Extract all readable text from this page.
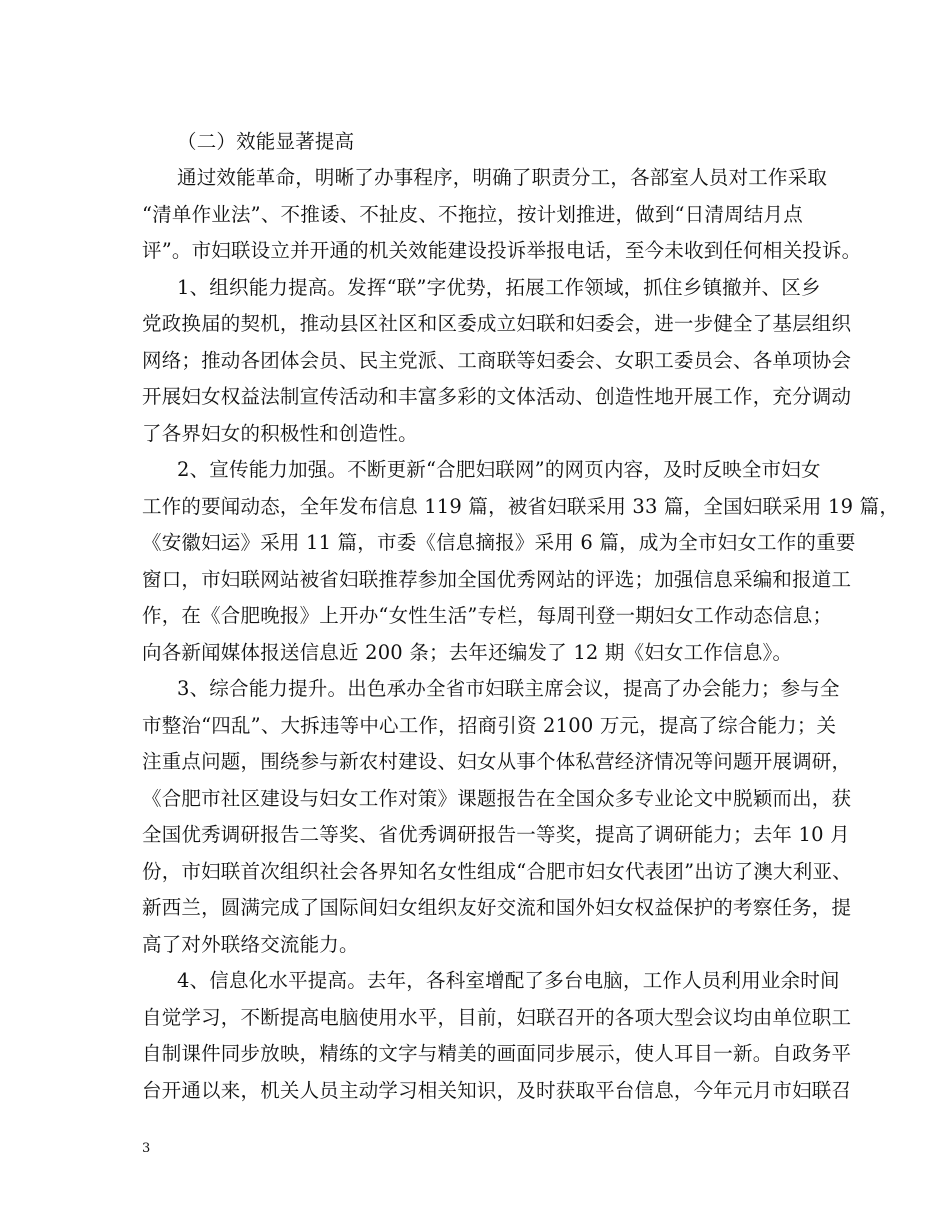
（二）效能显著提高
通过效能革命，明晰了办事程序，明确了职责分工，各部室人员对工作采取
“清单作业法”、不推诿、不扯皮、不拖拉，按计划推进，做到“日清周结月点
评”。市妇联设立并开通的机关效能建设投诉举报电话，至今未收到任何相关投诉。
1、组织能力提高。发挥“联”字优势，拓展工作领域，抓住乡镇撤并、区乡
党政换届的契机，推动县区社区和区委成立妇联和妇委会，进一步健全了基层组织
网络；推动各团体会员、民主党派、工商联等妇委会、女职工委员会、各单项协会
开展妇女权益法制宣传活动和丰富多彩的文体活动、创造性地开展工作，充分调动
了各界妇女的积极性和创造性。
2、宣传能力加强。不断更新“合肥妇联网”的网页内容，及时反映全市妇女
工作的要闻动态，全年发布信息 119 篇，被省妇联采用 33 篇，全国妇联采用 19 篇，
《安徽妇运》采用 11 篇，市委《信息摘报》采用 6 篇，成为全市妇女工作的重要
窗口，市妇联网站被省妇联推荐参加全国优秀网站的评选；加强信息采编和报道工
作，在《合肥晚报》上开办“女性生活”专栏，每周刊登一期妇女工作动态信息；
向各新闻媒体报送信息近 200 条；去年还编发了 12 期《妇女工作信息》。
3、综合能力提升。出色承办全省市妇联主席会议，提高了办会能力；参与全
市整治“四乱”、大拆违等中心工作，招商引资 2100 万元，提高了综合能力；关
注重点问题，围绕参与新农村建设、妇女从事个体私营经济情况等问题开展调研，
《合肥市社区建设与妇女工作对策》课题报告在全国众多专业论文中脱颖而出，获
全国优秀调研报告二等奖、省优秀调研报告一等奖，提高了调研能力；去年 10 月
份，市妇联首次组织社会各界知名女性组成“合肥市妇女代表团”出访了澳大利亚、
新西兰，圆满完成了国际间妇女组织友好交流和国外妇女权益保护的考察任务，提
高了对外联络交流能力。
4、信息化水平提高。去年，各科室增配了多台电脑，工作人员利用业余时间
自觉学习，不断提高电脑使用水平，目前，妇联召开的各项大型会议均由单位职工
自制课件同步放映，精练的文字与精美的画面同步展示，使人耳目一新。自政务平
台开通以来，机关人员主动学习相关知识，及时获取平台信息，今年元月市妇联召
3
